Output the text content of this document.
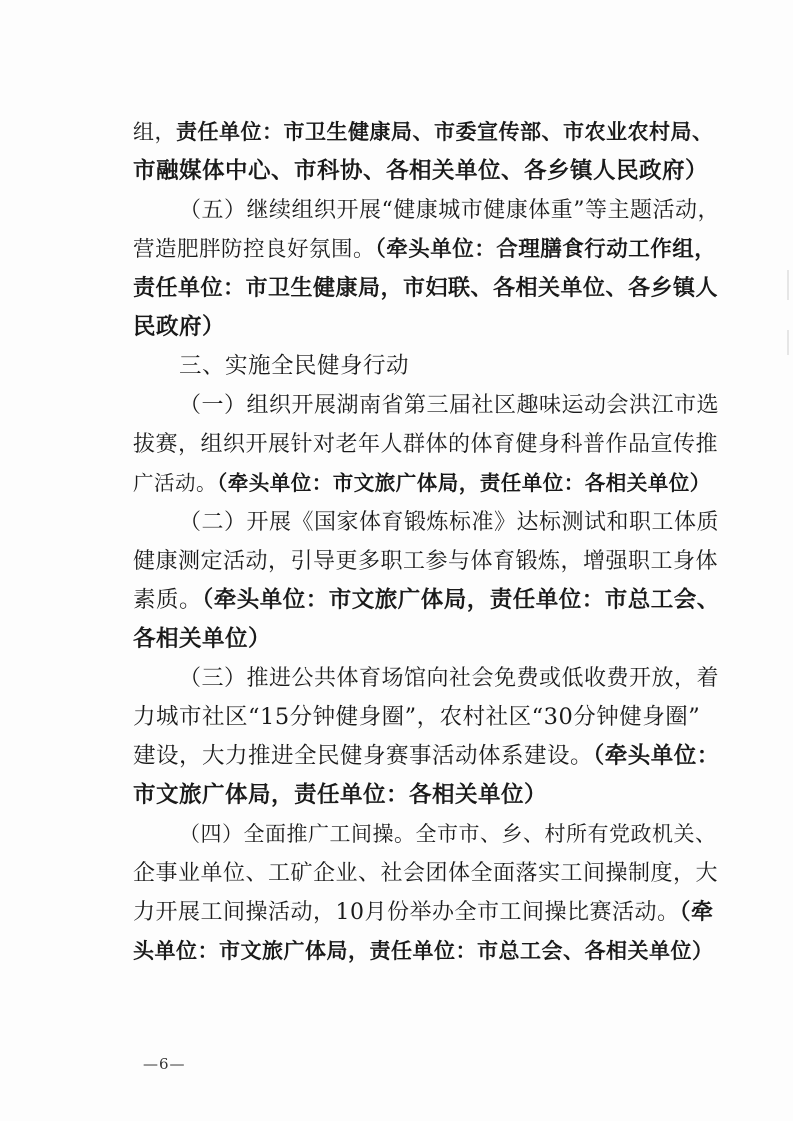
组，责任单位：市卫生健康局、市委宣传部、市农业农村局、
市融媒体中心、市科协、各相关单位、各乡镇人民政府）
（五）继续组织开展“健康城市健康体重”等主题活动，
营造肥胖防控良好氛围。（牵头单位：合理膳食行动工作组，
责任单位：市卫生健康局，市妇联、各相关单位、各乡镇人
民政府）
三、实施全民健身行动
（一）组织开展湖南省第三届社区趣味运动会洪江市选
拔赛，组织开展针对老年人群体的体育健身科普作品宣传推
广活动。（牵头单位：市文旅广体局，责任单位：各相关单位）
（二）开展《国家体育锻炼标准》达标测试和职工体质
健康测定活动，引导更多职工参与体育锻炼，增强职工身体
素质。（牵头单位：市文旅广体局，责任单位：市总工会、
各相关单位）
（三）推进公共体育场馆向社会免费或低收费开放，着
力城市社区“15分钟健身圈”，农村社区“30分钟健身圈”
建设，大力推进全民健身赛事活动体系建设。（牵头单位：
市文旅广体局，责任单位：各相关单位）
（四）全面推广工间操。全市市、乡、村所有党政机关、
企事业单位、工矿企业、社会团体全面落实工间操制度，大
力开展工间操活动，10月份举办全市工间操比赛活动。（牵
头单位：市文旅广体局，责任单位：市总工会、各相关单位）
—6—
